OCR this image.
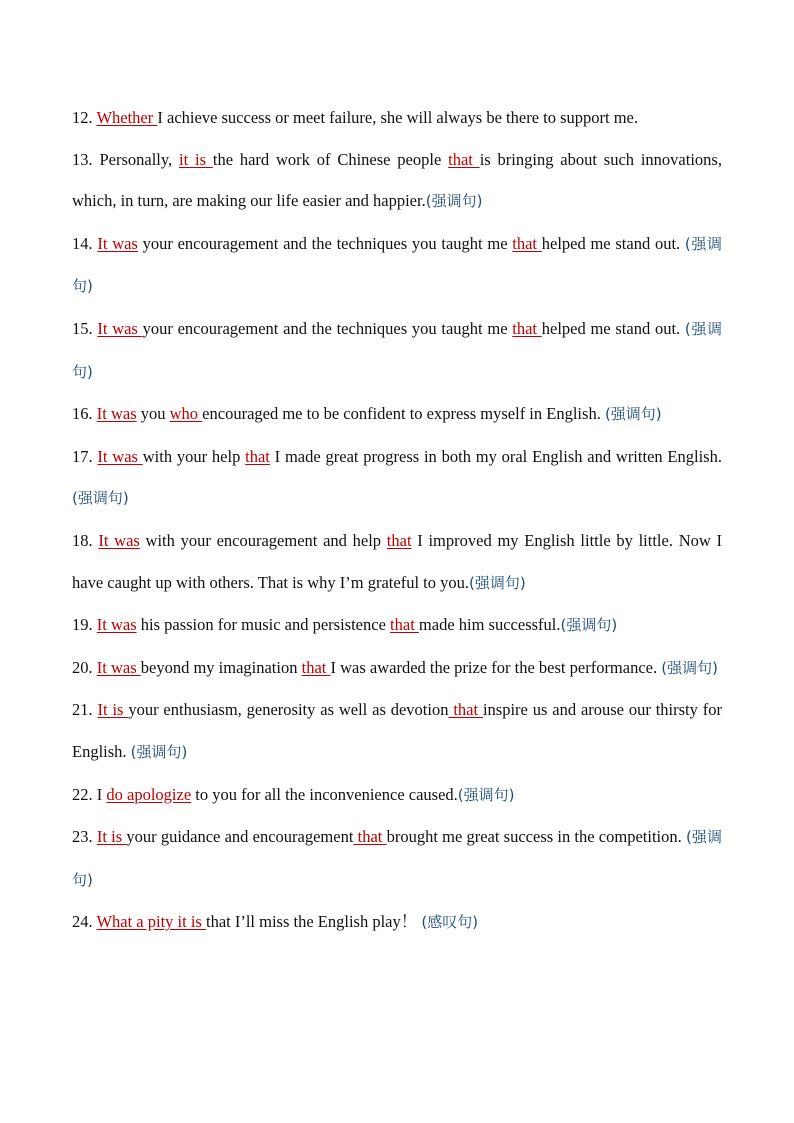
12. Whether I achieve success or meet failure, she will always be there to support me.
13. Personally, it is the hard work of Chinese people that is bringing about such innovations, which, in turn, are making our life easier and happier.(强调句)
14. It was your encouragement and the techniques you taught me that helped me stand out. (强调句)
15. It was your encouragement and the techniques you taught me that helped me stand out. (强调句)
16. It was you who encouraged me to be confident to express myself in English. (强调句)
17. It was with your help that I made great progress in both my oral English and written English. (强调句)
18. It was with your encouragement and help that I improved my English little by little. Now I have caught up with others. That is why I’m grateful to you.(强调句)
19. It was his passion for music and persistence that made him successful.(强调句)
20. It was beyond my imagination that I was awarded the prize for the best performance. (强调句)
21. It is your enthusiasm, generosity as well as devotion that inspire us and arouse our thirsty for English. (强调句)
22. I do apologize to you for all the inconvenience caused.(强调句)
23. It is your guidance and encouragement that brought me great success in the competition. (强调句)
24. What a pity it is that I’ll miss the English play！ (感叹句)
